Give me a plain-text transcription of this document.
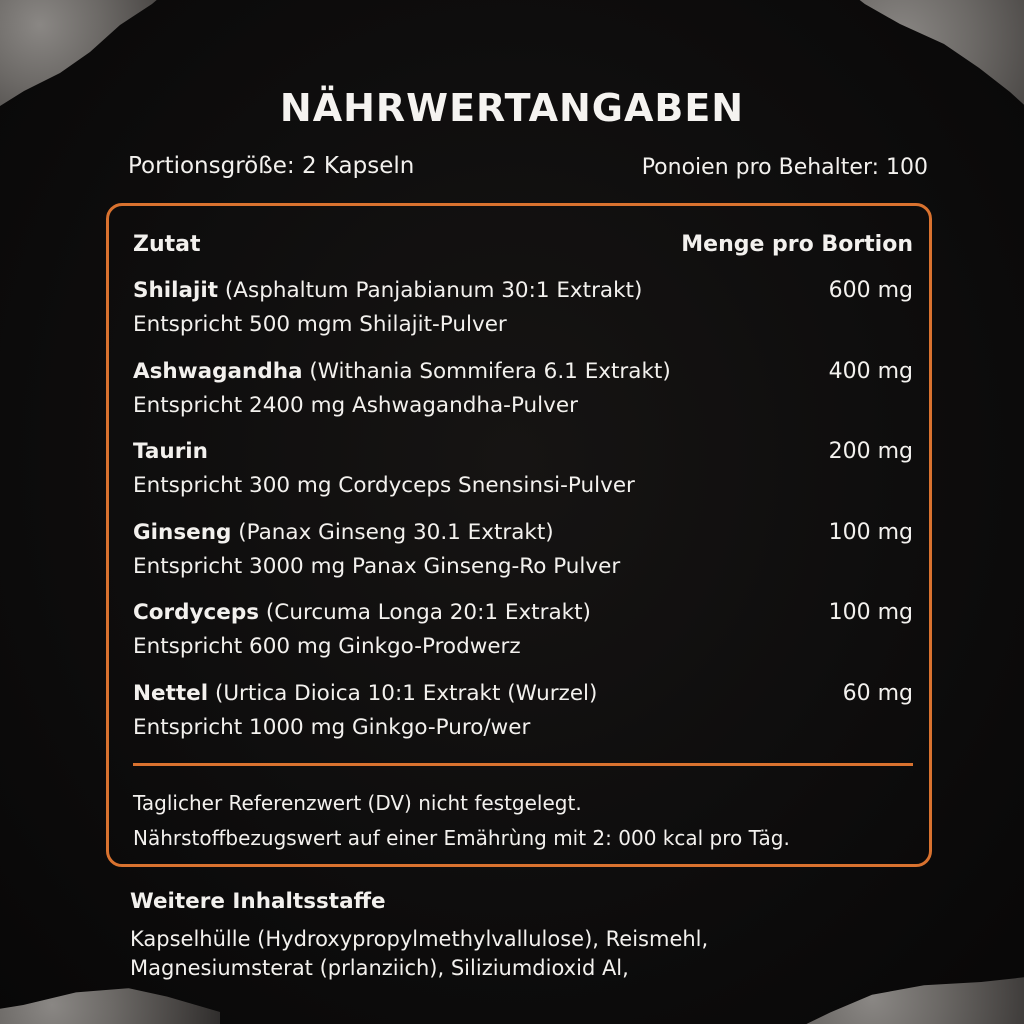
NÄHRWERTANGABEN
Portionsgröße: 2 Kapseln	Ponoien pro Behalter: 100
Zutat	Menge pro Bortion
Shilajit (Asphaltum Panjabianum 30:1 Extrakt)	600 mg
Entspricht 500 mgm Shilajit-Pulver
Ashwagandha (Withania Sommifera 6.1 Extrakt)	400 mg
Entspricht 2400 mg Ashwagandha-Pulver
Taurin	200 mg
Entspricht 300 mg Cordyceps Snensinsi-Pulver
Ginseng (Panax Ginseng 30.1 Extrakt)	100 mg
Entspricht 3000 mg Panax Ginseng-Ro Pulver
Cordyceps (Curcuma Longa 20:1 Extrakt)	100 mg
Entspricht 600 mg Ginkgo-Prodwerz
Nettel (Urtica Dioica 10:1 Extrakt (Wurzel)	60 mg
Entspricht 1000 mg Ginkgo-Puro/wer
Taglicher Referenzwert (DV) nicht festgelegt.
Nährstoffbezugswert auf einer Emährùng mit 2: 000 kcal pro Täg.
Weitere Inhaltsstaffe
Kapselhülle (Hydroxypropylmethylvallulose), Reismehl,
Magnesiumsterat (prlanziich), Siliziumdioxid Al,
